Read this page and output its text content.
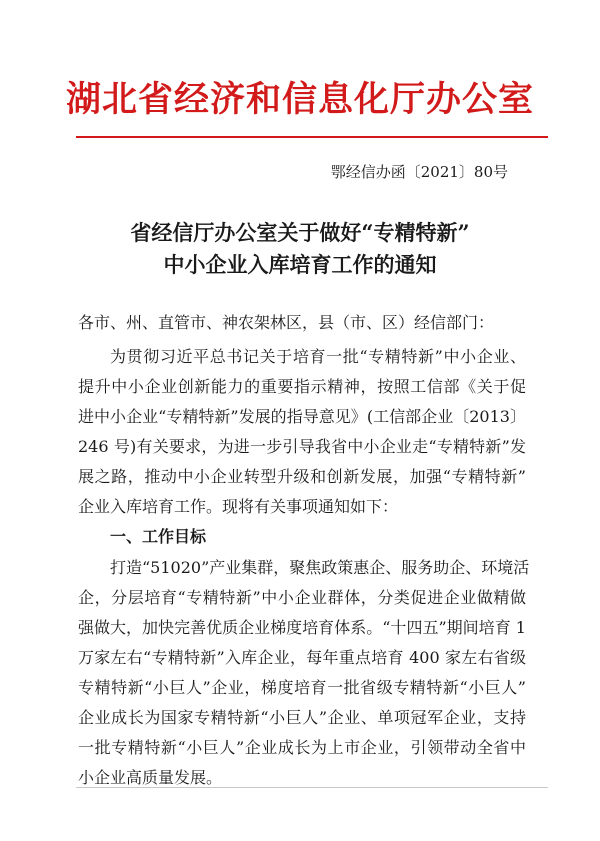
湖北省经济和信息化厅办公室
鄂经信办函〔2021〕80号
省经信厅办公室关于做好“专精特新”
中小企业入库培育工作的通知
各市、州、直管市、神农架林区，县（市、区）经信部门：
为贯彻习近平总书记关于培育一批“专精特新”中小企业、
提升中小企业创新能力的重要指示精神，按照工信部《关于促
进中小企业“专精特新”发展的指导意见》(工信部企业〔2013〕
246 号)有关要求，为进一步引导我省中小企业走“专精特新”发
展之路，推动中小企业转型升级和创新发展，加强“专精特新”
企业入库培育工作。现将有关事项通知如下：
一、工作目标
打造“51020”产业集群，聚焦政策惠企、服务助企、环境活
企，分层培育“专精特新”中小企业群体，分类促进企业做精做
强做大，加快完善优质企业梯度培育体系。“十四五”期间培育 1
万家左右“专精特新”入库企业，每年重点培育 400 家左右省级
专精特新“小巨人”企业，梯度培育一批省级专精特新“小巨人”
企业成长为国家专精特新“小巨人”企业、单项冠军企业，支持
一批专精特新“小巨人”企业成长为上市企业，引领带动全省中
小企业高质量发展。
